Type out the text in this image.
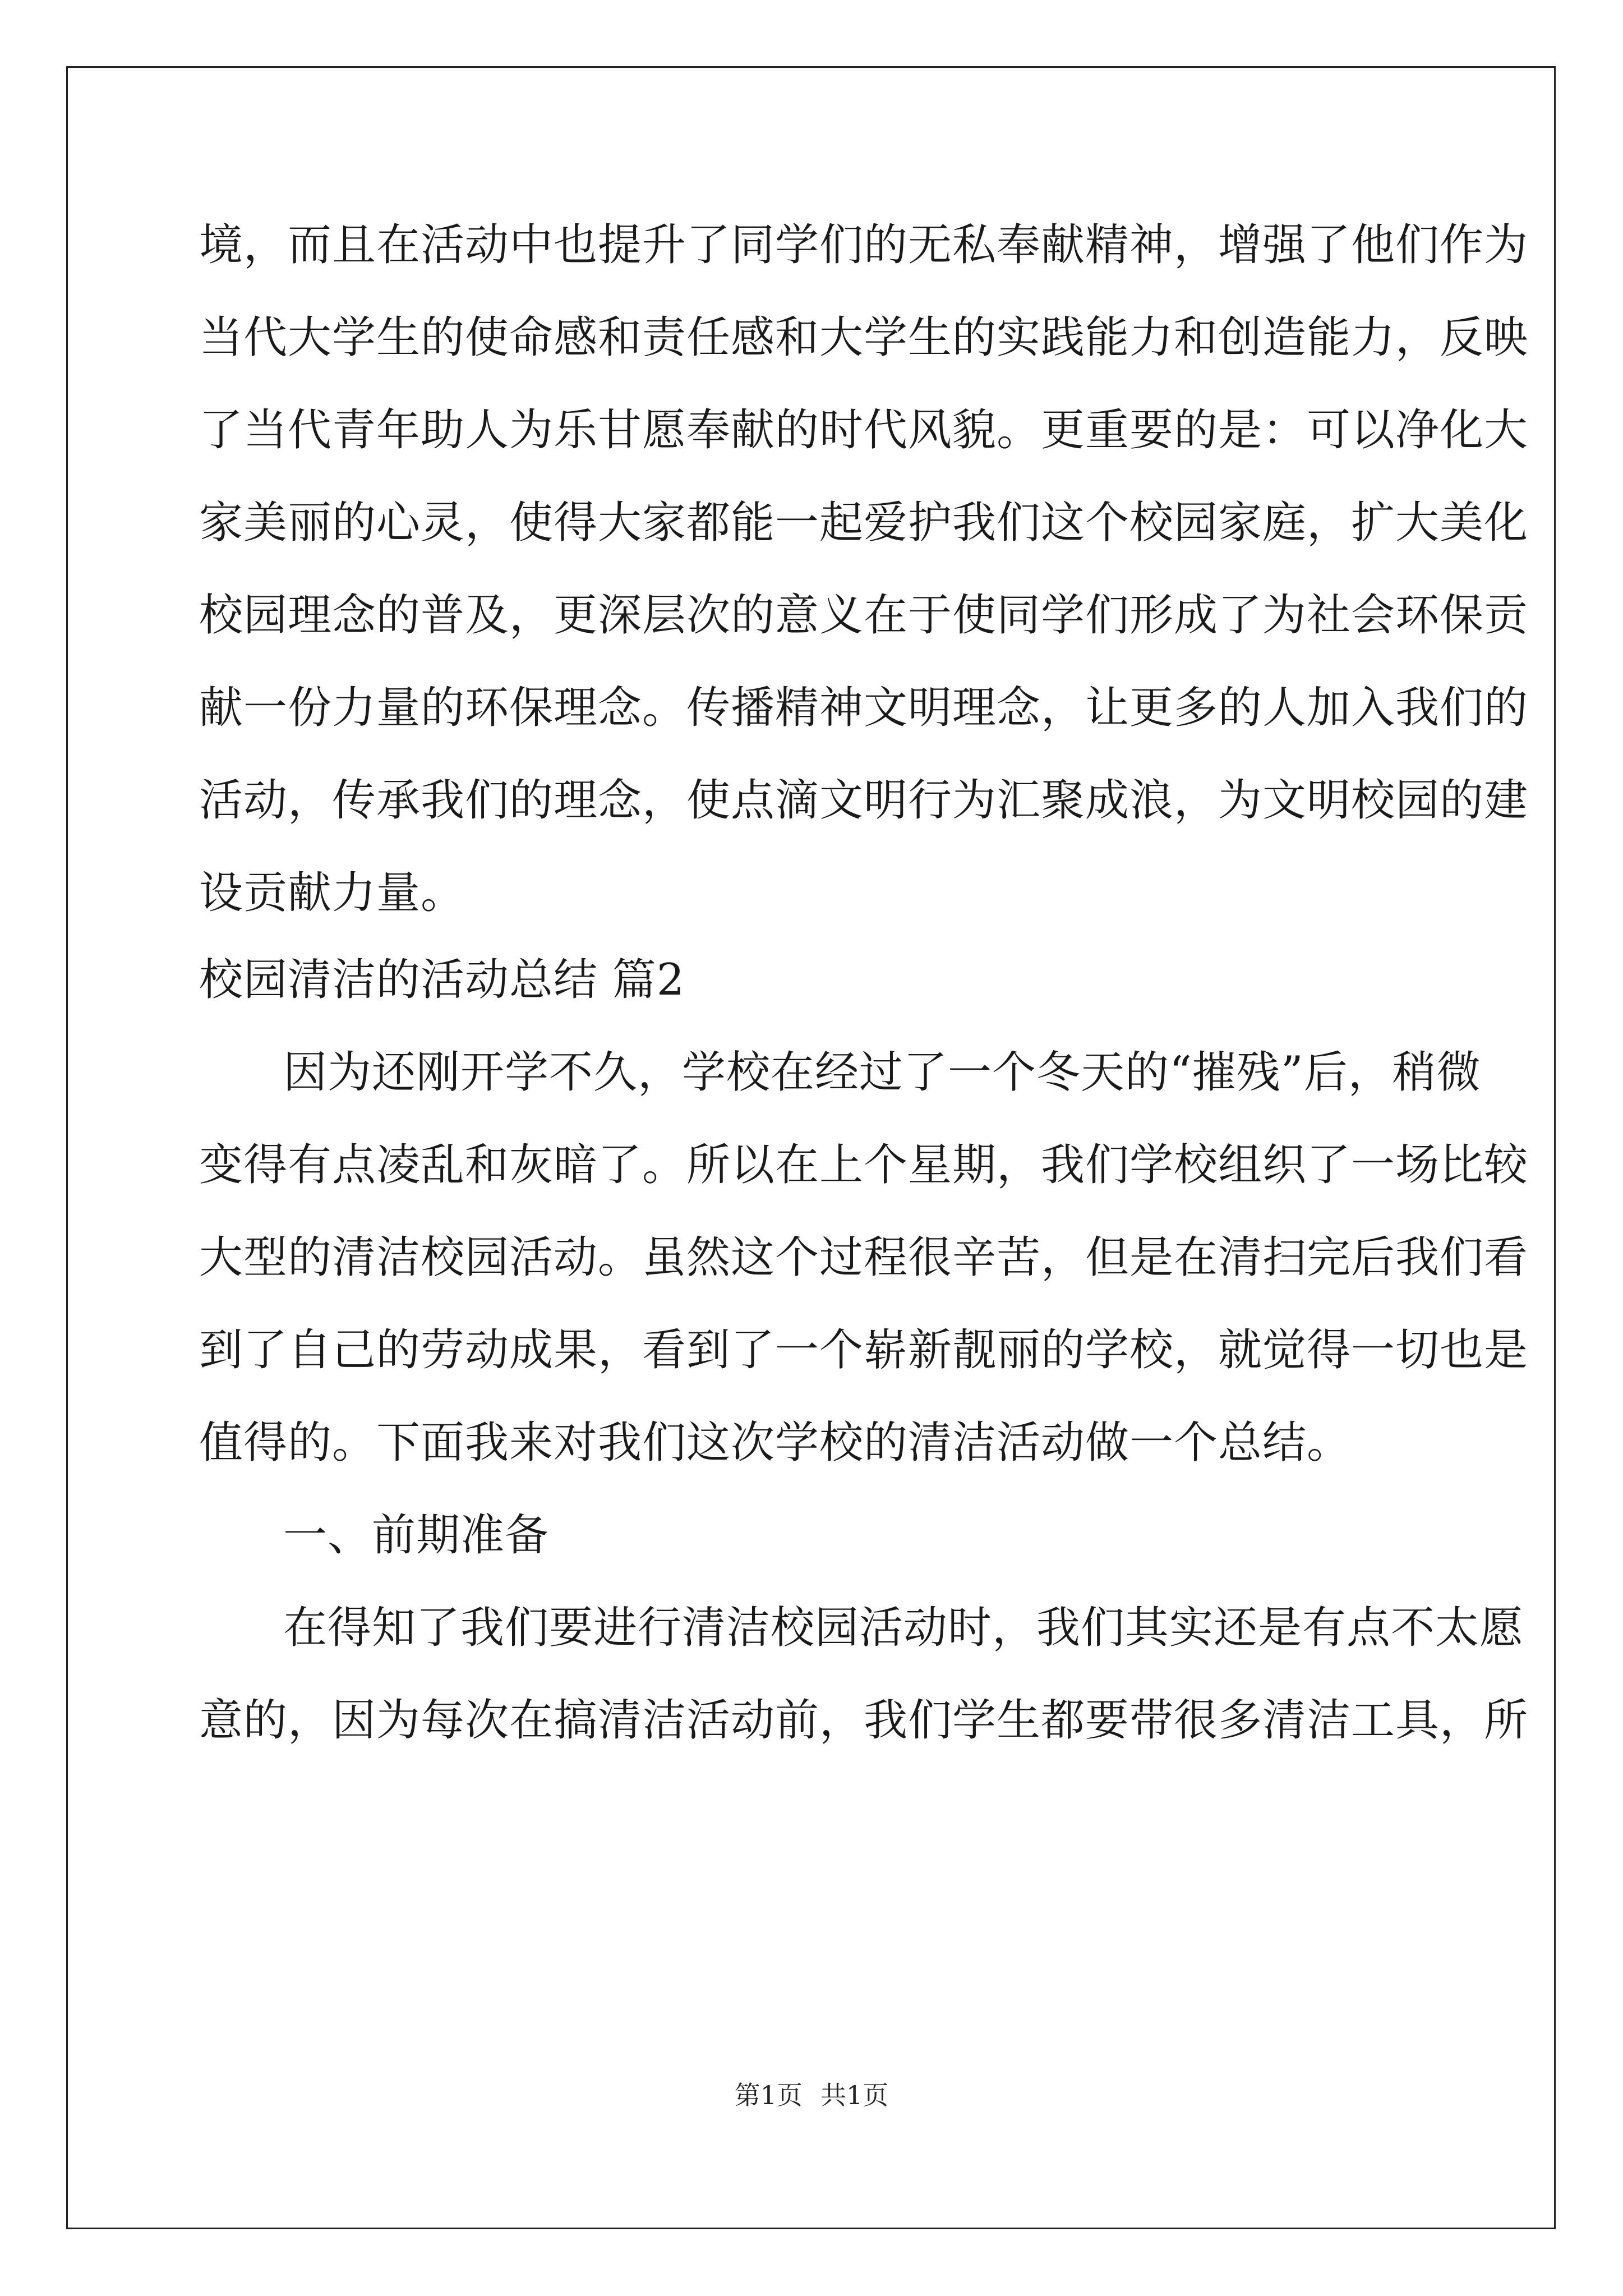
境，而且在活动中也提升了同学们的无私奉献精神，增强了他们作为
当代大学生的使命感和责任感和大学生的实践能力和创造能力，反映
了当代青年助人为乐甘愿奉献的时代风貌。更重要的是：可以净化大
家美丽的心灵，使得大家都能一起爱护我们这个校园家庭，扩大美化
校园理念的普及，更深层次的意义在于使同学们形成了为社会环保贡
献一份力量的环保理念。传播精神文明理念，让更多的人加入我们的
活动，传承我们的理念，使点滴文明行为汇聚成浪，为文明校园的建
设贡献力量。
校园清洁的活动总结 篇2
因为还刚开学不久，学校在经过了一个冬天的“摧残”后，稍微
变得有点凌乱和灰暗了。所以在上个星期，我们学校组织了一场比较
大型的清洁校园活动。虽然这个过程很辛苦，但是在清扫完后我们看
到了自己的劳动成果，看到了一个崭新靓丽的学校，就觉得一切也是
值得的。下面我来对我们这次学校的清洁活动做一个总结。
一、前期准备
在得知了我们要进行清洁校园活动时，我们其实还是有点不太愿
意的，因为每次在搞清洁活动前，我们学生都要带很多清洁工具，所
第1页 共1页
